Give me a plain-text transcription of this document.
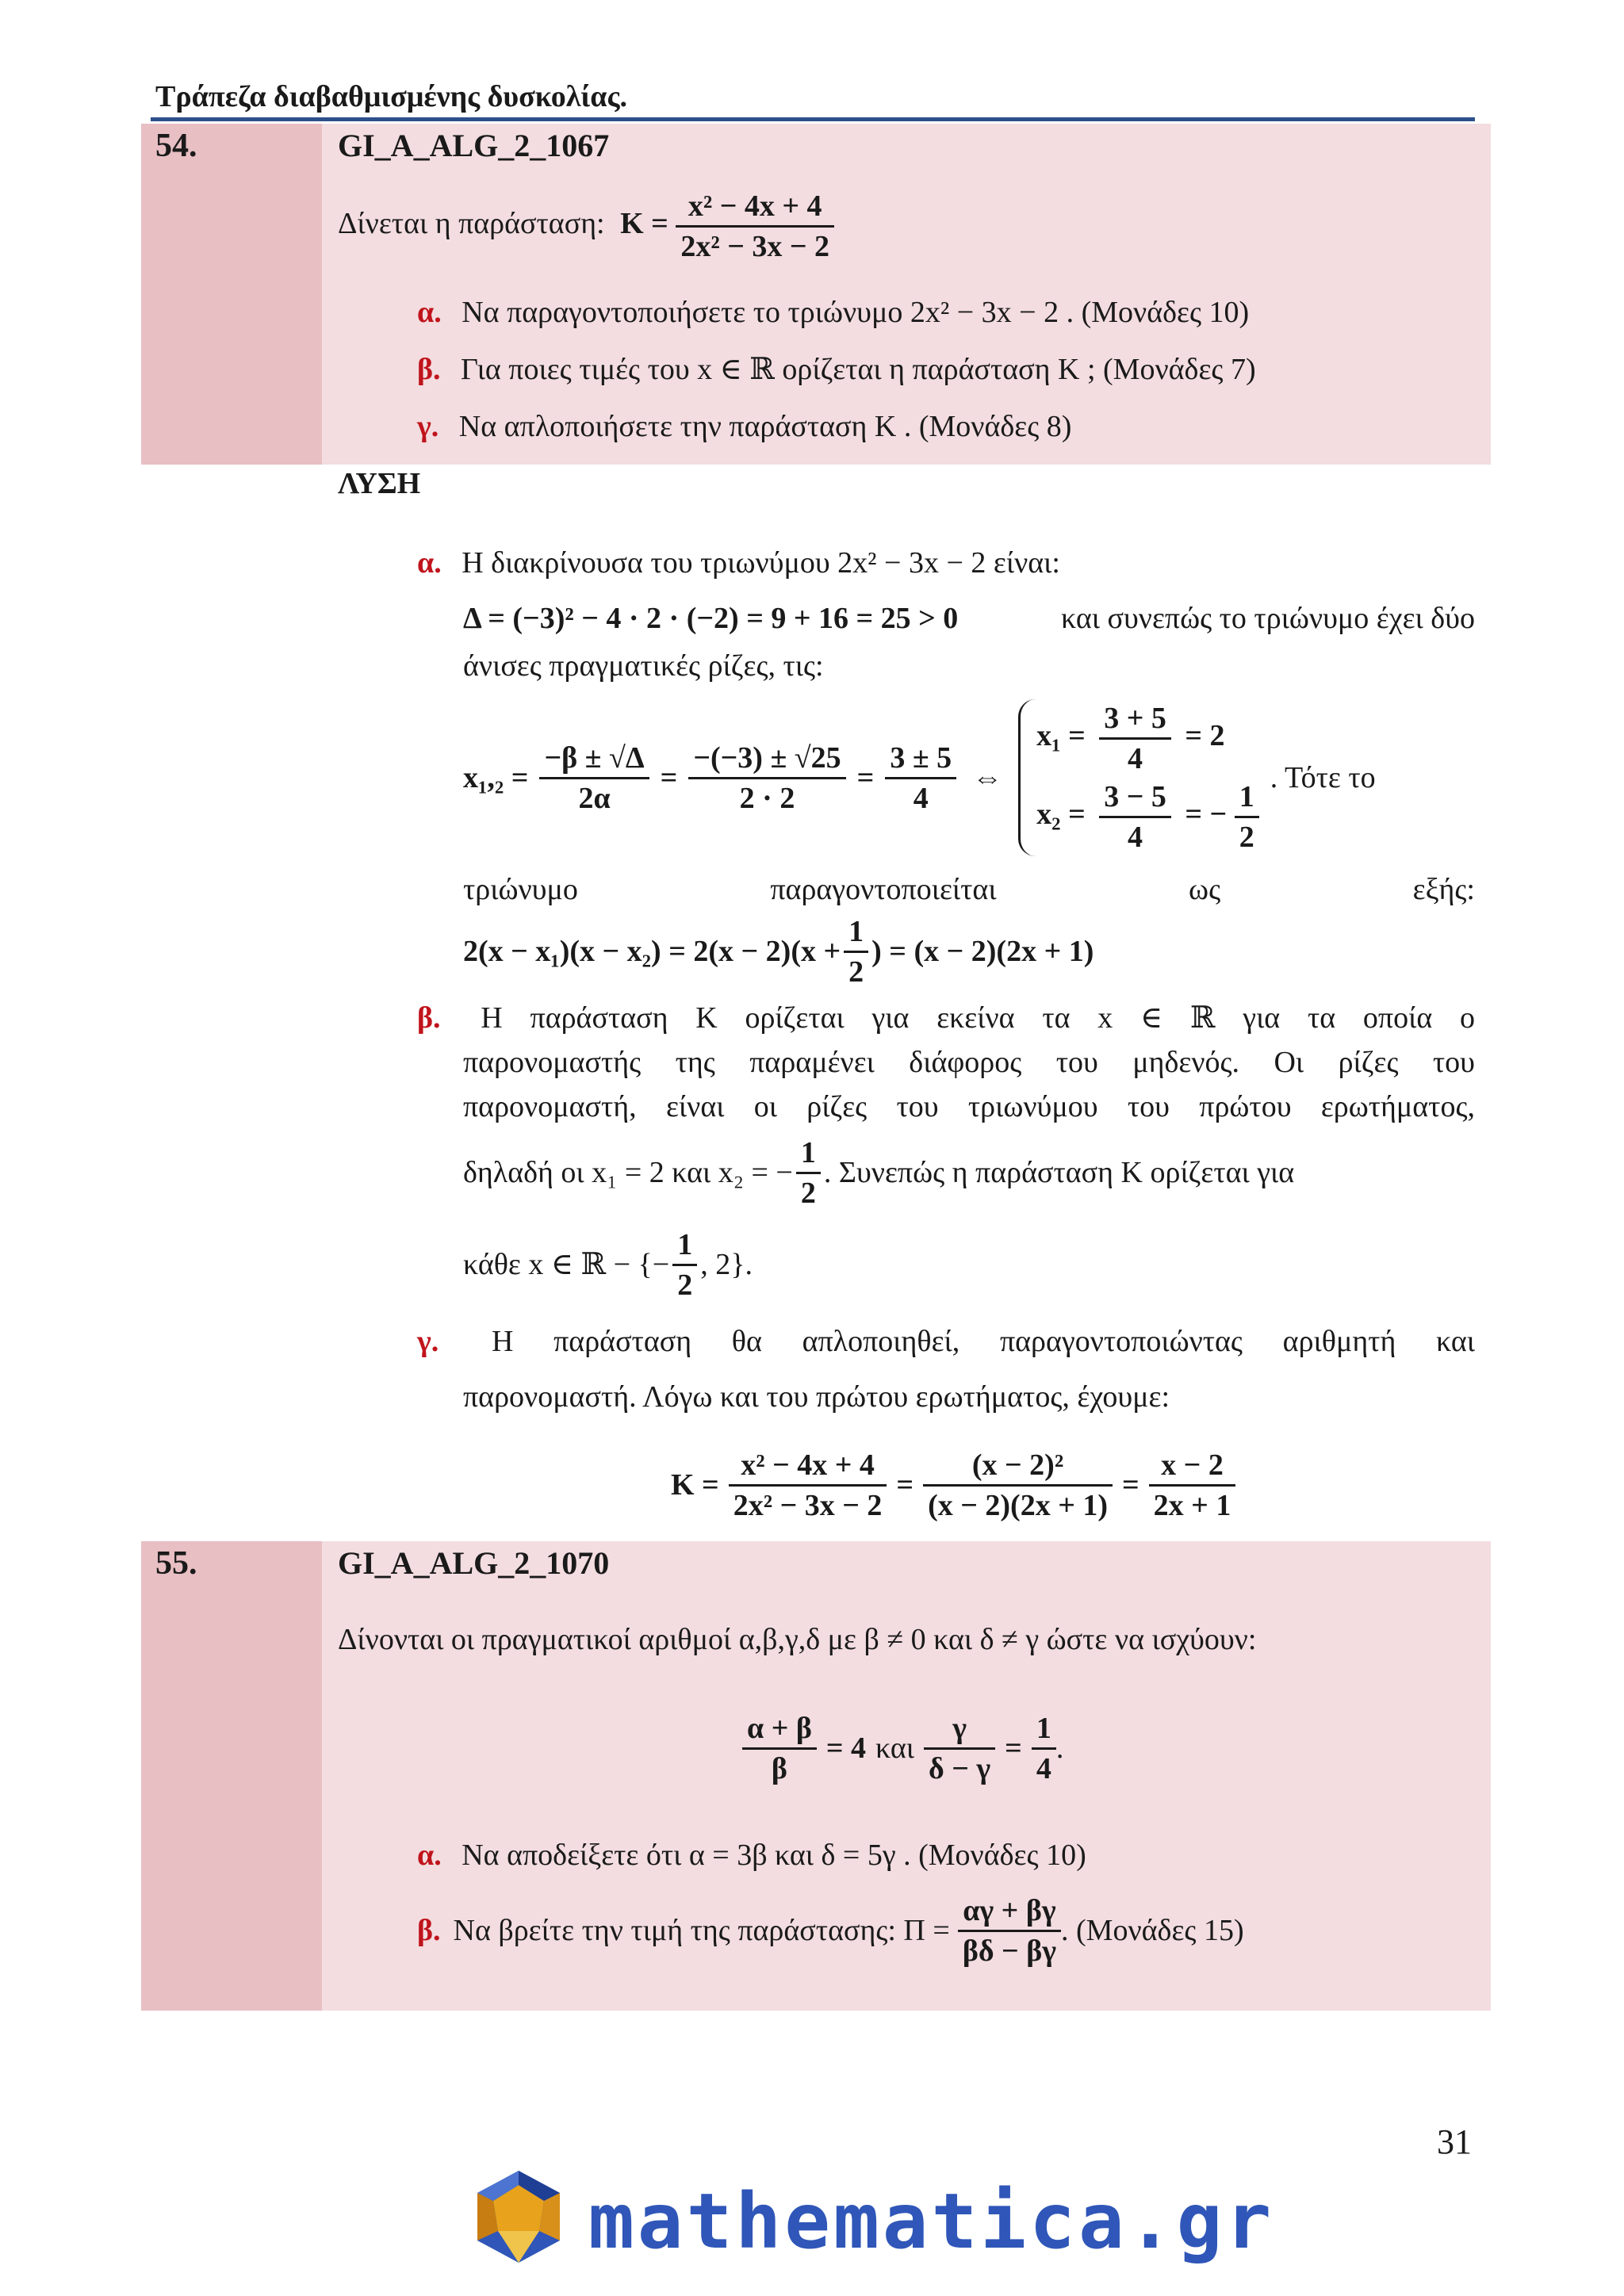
Τράπεζα διαβαθμισμένης δυσκολίας.
54.	GI_A_ALG_2_1067
Δίνεται η παράσταση: $K = \frac{\text{x² − 4x + 4}}{\text{2x² − 3x − 2}}$
α. Να παραγοντοποιήσετε το τριώνυμο 2x² − 3x − 2 . (Μονάδες 10)
β. Για ποιες τιμές του x ∈ ℝ ορίζεται η παράσταση K ; (Μονάδες 7)
γ. Να απλοποιήσετε την παράσταση K . (Μονάδες 8)
ΛΥΣΗ
α. Η διακρίνουσα του τριωνύμου 2x² − 3x − 2 είναι:
Δ = (−3)² − 4 · 2 · (−2) = 9 + 16 = 25 > 0	και συνεπώς το τριώνυμο έχει δύο
άνισες πραγματικές ρίζες, τις:
$x_1,_2 = \frac{-\beta \pm √\Delta}{2\alpha} = \frac{-(-3) \pm √25}{2 \cdot 2} = \frac{3 \pm 5}{4}$ ⇔
$x_1 = \frac{3 + 5}{4} = 2$
$x_2 = \frac{3 - 5}{4}$ = − $\frac{1}{2}$ . Τότε το
τριώνυμο παραγοντοποιείται ως εξής:
$2(x - x_1)(x - x_2) = 2(x - 2)(x + \frac{1}{2}$ ) = (x − 2)(2x + 1)
β. Η παράσταση K ορίζεται για εκείνα τα x ∈ ℝ για τα οποία ο
παρονομαστής της παραμένει διάφορος του μηδενός. Οι ρίζες του
παρονομαστή, είναι οι ρίζες του τριωνύμου του πρώτου ερωτήματος,
δηλαδή οι x₁ = 2 και x₂ = − $\frac{1}{2}$ . Συνεπώς η παράσταση K ορίζεται για
κάθε x ∈ ℝ − {− $\frac{1}{2}$ , 2}.
γ. Η παράσταση θα απλοποιηθεί, παραγοντοποιώντας αριθμητή και
παρονομαστή. Λόγω και του πρώτου ερωτήματος, έχουμε:
$K = \frac{\text{x² − 4x + 4}}{\text{2x² − 3x − 2}} = \frac{\text{(x − 2)²}}{(x - 2)(2x + 1)} = \frac{x - 2}{2x + 1}$
55.	GI_A_ALG_2_1070
Δίνονται οι πραγματικοί αριθμοί α,β,γ,δ με β ≠ 0 και δ ≠ γ ώστε να ισχύουν:
$\frac{\alpha + \beta}{\beta} = 4$ και $\frac{\gamma}{\delta - \gamma} = \frac{1}{4}$ .
α. Να αποδείξετε ότι α = 3β και δ = 5γ . (Μονάδες 10)
β. Να βρείτε την τιμή της παράστασης: $\Pi = \frac{\alpha\gamma + \beta\gamma}{\beta\delta - \beta\gamma}$ . (Μονάδες 15)
31
mathematica.gr
